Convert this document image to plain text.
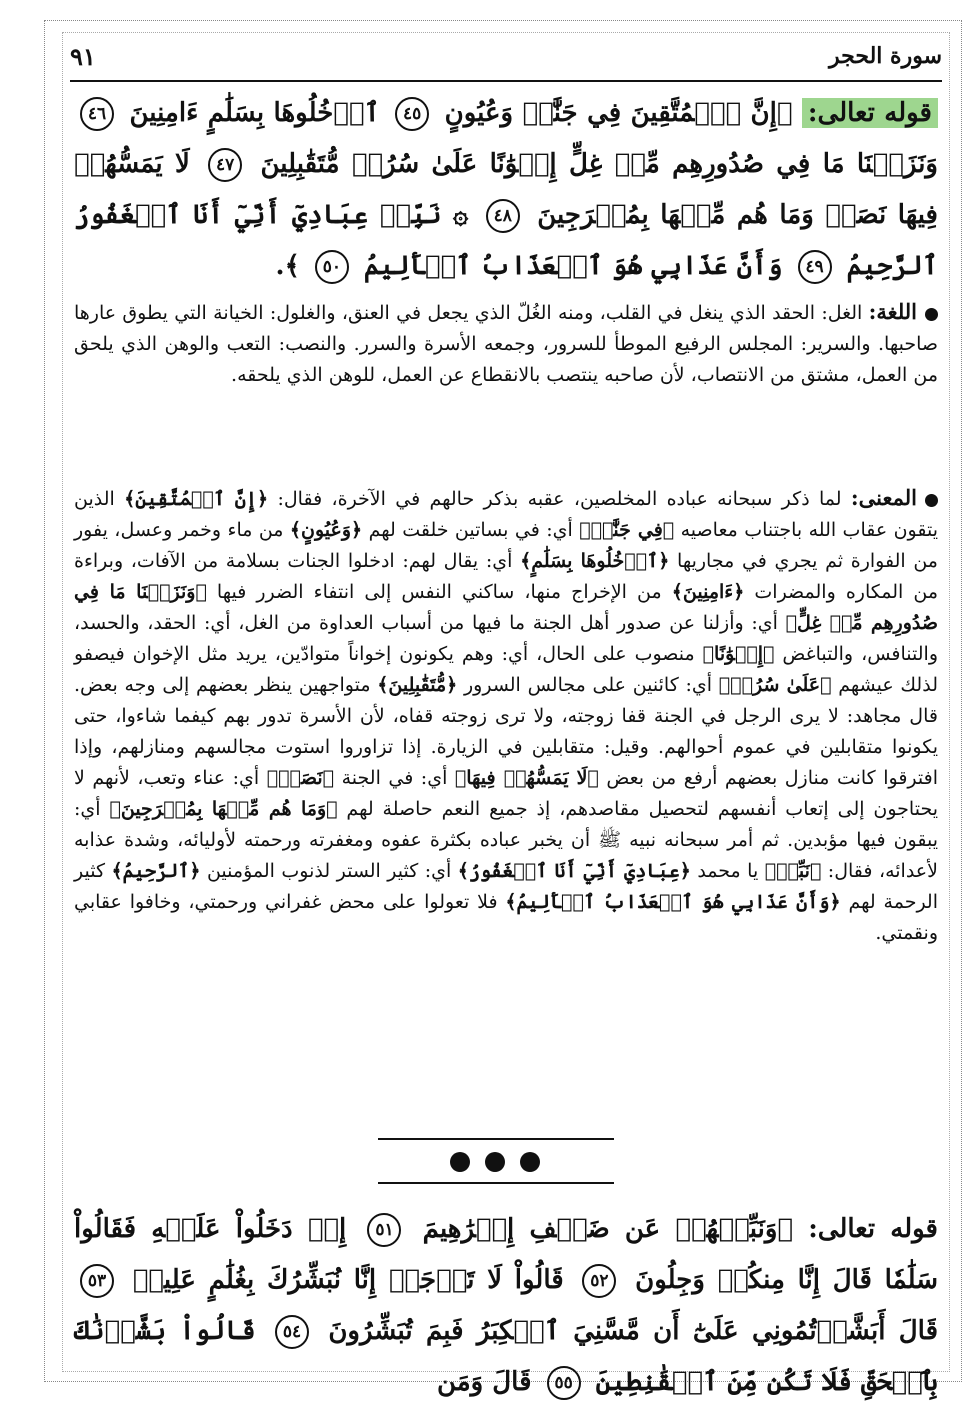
سورة الحجر
٩١
قوله تعالى: ﴿إِنَّ ٱلۡمُتَّقِينَ فِي جَنَّٰتٖ وَعُيُونٍ ٤٥ ٱدۡخُلُوهَا بِسَلَٰمٍ ءَامِنِينَ ٤٦ وَنَزَعۡنَا مَا فِي صُدُورِهِم مِّنۡ غِلٍّ إِخۡوَٰنًا عَلَىٰ سُرُرٖ مُّتَقَٰبِلِينَ ٤٧ لَا يَمَسُّهُمۡ فِيهَا نَصَبٞ وَمَا هُم مِّنۡهَا بِمُخۡرَجِينَ ٤٨ ۞ نَبِّئۡ عِبَادِيٓ أَنِّيٓ أَنَا ٱلۡغَفُورُ ٱلرَّحِيمُ ٤٩ وَأَنَّ عَذَابِي هُوَ ٱلۡعَذَابُ ٱلۡأَلِيمُ ٥٠ ﴾.
اللغة: الغل: الحقد الذي ينغل في القلب، ومنه الغُلّ الذي يجعل في العنق، والغلول: الخيانة التي يطوق عارها صاحبها. والسرير: المجلس الرفيع الموطأ للسرور، وجمعه الأسرة والسرر. والنصب: التعب والوهن الذي يلحق من العمل، مشتق من الانتصاب، لأن صاحبه ينتصب بالانقطاع عن العمل، للوهن الذي يلحقه.
المعنى: لما ذكر سبحانه عباده المخلصين، عقبه بذكر حالهم في الآخرة، فقال: ﴿إِنَّ ٱلۡمُتَّقِينَ﴾ الذين يتقون عقاب الله باجتناب معاصيه ﴿فِي جَنَّٰتٖ﴾ أي: في بساتين خلقت لهم ﴿وَعُيُونٍ﴾ من ماء وخمر وعسل، يفور من الفوارة ثم يجري في مجاريها ﴿ٱدۡخُلُوهَا بِسَلَٰمٍ﴾ أي: يقال لهم: ادخلوا الجنات بسلامة من الآفات، وبراءة من المكاره والمضرات ﴿ءَامِنِينَ﴾ من الإخراج منها، ساكني النفس إلى انتفاء الضرر فيها ﴿وَنَزَعۡنَا مَا فِي صُدُورِهِم مِّنۡ غِلٍّ﴾ أي: وأزلنا عن صدور أهل الجنة ما فيها من أسباب العداوة من الغل، أي: الحقد، والحسد، والتنافس، والتباغض ﴿إِخۡوَٰنًا﴾ منصوب على الحال، أي: وهم يكونون إخواناً متوادّين، يريد مثل الإخوان فيصفو لذلك عيشهم ﴿عَلَىٰ سُرُرٖ﴾ أي: كائنين على مجالس السرور ﴿مُّتَقَٰبِلِينَ﴾ متواجهين ينظر بعضهم إلى وجه بعض. قال مجاهد: لا يرى الرجل في الجنة قفا زوجته، ولا ترى زوجته قفاه، لأن الأسرة تدور بهم كيفما شاءوا، حتى يكونوا متقابلين في عموم أحوالهم. وقيل: متقابلين في الزيارة. إذا تزاوروا استوت مجالسهم ومنازلهم، وإذا افترقوا كانت منازل بعضهم أرفع من بعض ﴿لَا يَمَسُّهُمۡ فِيهَا﴾ أي: في الجنة ﴿نَصَبٞ﴾ أي: عناء وتعب، لأنهم لا يحتاجون إلى إتعاب أنفسهم لتحصيل مقاصدهم، إذ جميع النعم حاصلة لهم ﴿وَمَا هُم مِّنۡهَا بِمُخۡرَجِينَ﴾ أي: يبقون فيها مؤبدين. ثم أمر سبحانه نبيه ﷺ أن يخبر عباده بكثرة عفوه ومغفرته ورحمته لأوليائه، وشدة عذابه لأعدائه، فقال: ﴿نَبِّئۡ﴾ يا محمد ﴿عِبَادِيٓ أَنِّيٓ أَنَا ٱلۡغَفُورُ﴾ أي: كثير الستر لذنوب المؤمنين ﴿ٱلرَّحِيمُ﴾ كثير الرحمة لهم ﴿وَأَنَّ عَذَابِي هُوَ ٱلۡعَذَابُ ٱلۡأَلِيمُ﴾ فلا تعولوا على محض غفراني ورحمتي، وخافوا عقابي ونقمتي.
قوله تعالى: ﴿وَنَبِّئۡهُمۡ عَن ضَيۡفِ إِبۡرَٰهِيمَ ٥١ إِذۡ دَخَلُواْ عَلَيۡهِ فَقَالُواْ سَلَٰمٗا قَالَ إِنَّا مِنكُمۡ وَجِلُونَ ٥٢ قَالُواْ لَا تَوۡجَلۡ إِنَّا نُبَشِّرُكَ بِغُلَٰمٍ عَلِيمٖ ٥٣ قَالَ أَبَشَّرۡتُمُونِي عَلَىٰٓ أَن مَّسَّنِيَ ٱلۡكِبَرُ فَبِمَ تُبَشِّرُونَ ٥٤ قَالُواْ بَشَّرۡنَٰكَ بِٱلۡحَقِّ فَلَا تَكُن مِّنَ ٱلۡقَٰنِطِينَ ٥٥ قَالَ وَمَن
